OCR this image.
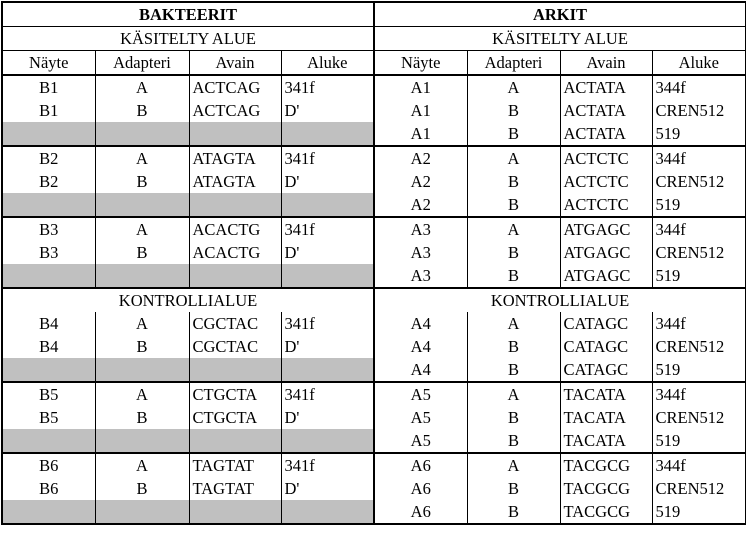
BAKTEERIT				ARKIT			
KÄSITELTY ALUE				KÄSITELTY ALUE			
Näyte	Adapteri	Avain	Aluke	Näyte	Adapteri	Avain	Aluke
B1	A	ACTCAG	341f	A1	A	ACTATA	344f
B1	B	ACTCAG	D'	A1	B	ACTATA	CREN512
				A1	B	ACTATA	519
B2	A	ATAGTA	341f	A2	A	ACTCTC	344f
B2	B	ATAGTA	D'	A2	B	ACTCTC	CREN512
				A2	B	ACTCTC	519
B3	A	ACACTG	341f	A3	A	ATGAGC	344f
B3	B	ACACTG	D'	A3	B	ATGAGC	CREN512
				A3	B	ATGAGC	519
KONTROLLIALUE				KONTROLLIALUE			
B4	A	CGCTAC	341f	A4	A	CATAGC	344f
B4	B	CGCTAC	D'	A4	B	CATAGC	CREN512
				A4	B	CATAGC	519
B5	A	CTGCTA	341f	A5	A	TACATA	344f
B5	B	CTGCTA	D'	A5	B	TACATA	CREN512
				A5	B	TACATA	519
B6	A	TAGTAT	341f	A6	A	TACGCG	344f
B6	B	TAGTAT	D'	A6	B	TACGCG	CREN512
				A6	B	TACGCG	519
